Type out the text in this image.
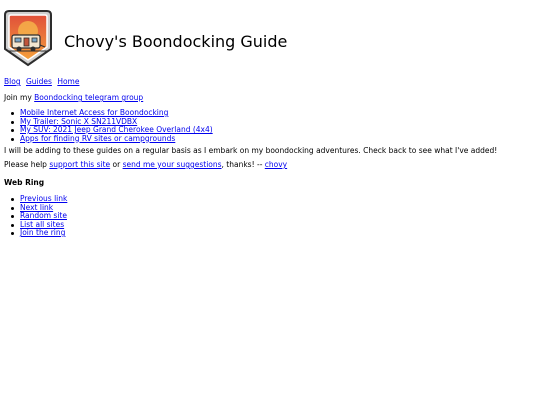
Chovy's Boondocking Guide
Blog Guides Home

Join my Boondocking telegram group

Mobile Internet Access for Boondocking
My Trailer: Sonic X SN211VDBX
My SUV: 2021 Jeep Grand Cherokee Overland (4x4)
Apps for finding RV sites or campgrounds

I will be adding to these guides on a regular basis as I embark on my boondocking adventures. Check back to see what I've added!

Please help support this site or send me your suggestions, thanks! -- chovy

Web Ring
Previous link
Next link
Random site
List all sites
Join the ring
